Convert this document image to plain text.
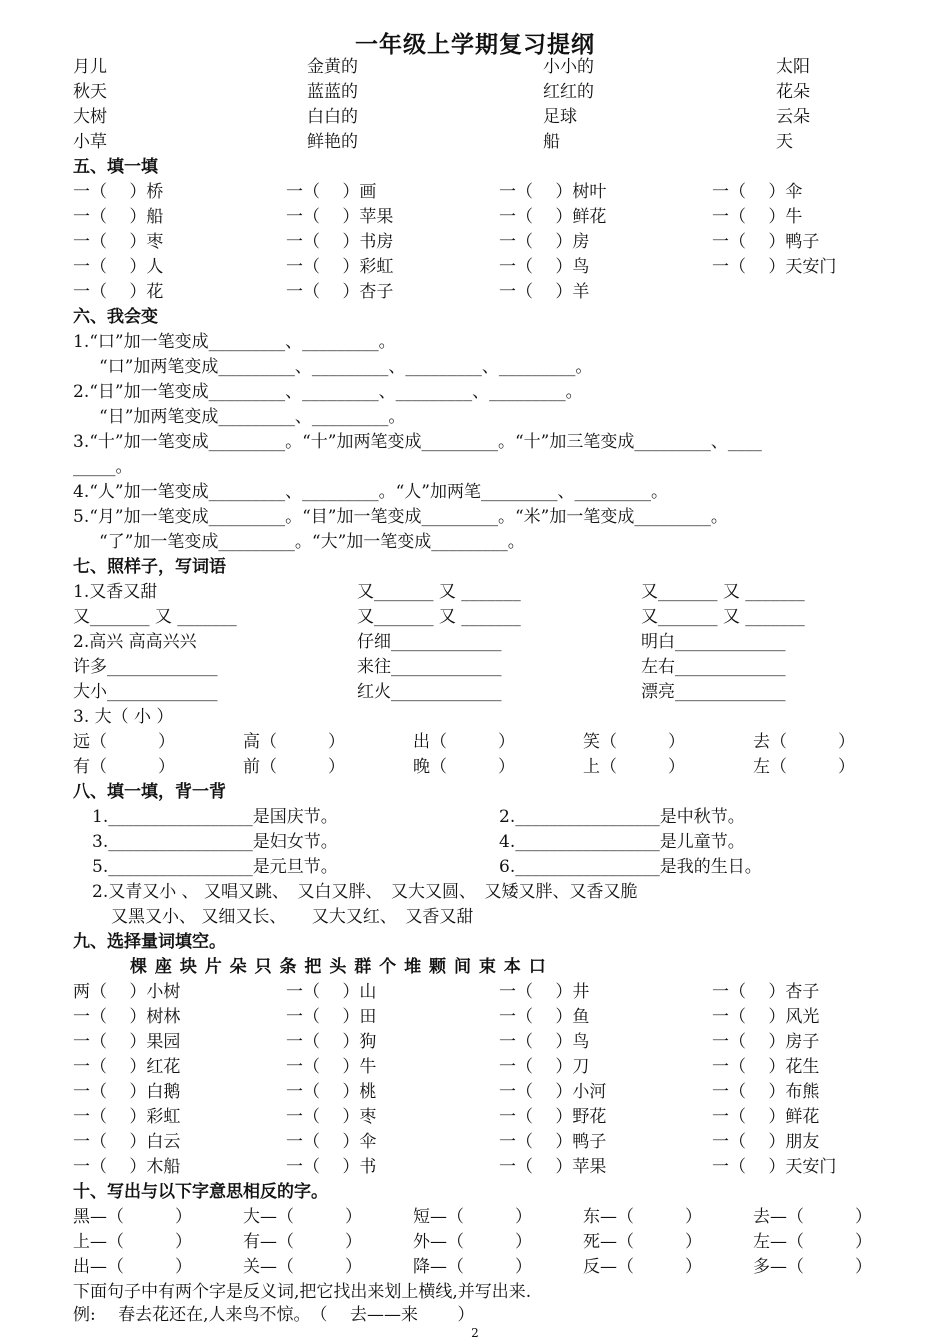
一年级上学期复习提纲
月儿	金黄的	小小的	太阳
秋天	蓝蓝的	红红的	花朵
大树	白白的	足球	云朵
小草	鲜艳的	船	天
五、填一填
一（　 ）桥	一（　 ）画	一（　 ）树叶	一（　 ）伞
一（　 ）船	一（　 ）苹果	一（　 ）鲜花	一（　 ）牛
一（　 ）枣	一（　 ）书房	一（　 ）房	一（　 ）鸭子
一（　 ）人	一（　 ）彩虹	一（　 ）鸟	一（　 ）天安门
一（　 ）花	一（　 ）杏子	一（　 ）羊
六、我会变
1.“口”加一笔变成_________、_________。
　“口”加两笔变成_________、_________、_________、_________。
2.“日”加一笔变成_________、_________、_________、_________。
　“日”加两笔变成_________、_________。
3.“十”加一笔变成_________。“十”加两笔变成_________。“十”加三笔变成_________、____
_____。
4.“人”加一笔变成_________、_________。“人”加两笔_________、_________。
5.“月”加一笔变成_________。“目”加一笔变成_________。“米”加一笔变成_________。
　“了”加一笔变成_________。“大”加一笔变成_________。
七、照样子，写词语
1.又香又甜	又_______ 又 _______	又_______ 又 _______
又_______ 又 _______	又_______ 又 _______	又_______ 又 _______
2.高兴 高高兴兴	仔细_____________	明白_____________
许多_____________	来往_____________	左右_____________
大小_____________	红火_____________	漂亮_____________
3. 大（ 小 ）
远（　　　）	高（　　　）	出（　　　）	笑（　　　）	去（　　　）
有（　　　）	前（　　　）	晚（　　　）	上（　　　）	左（　　　）
八、填一填，背一背
1._________________是国庆节。	2._________________是中秋节。
3._________________是妇女节。	4._________________是儿童节。
5._________________是元旦节。	6._________________是我的生日。
2.又青又小 、 又唱又跳、　又白又胖、　又大又圆、　又矮又胖、又香又脆
又黑又小、 又细又长、　　又大又红、　又香又甜
九、选择量词填空。
棵 座 块 片 朵 只 条 把 头 群 个 堆 颗 间 束 本 口
两（　 ）小树	一（　 ）山	一（　 ）井	一（　 ）杏子
一（　 ）树林	一（　 ）田	一（　 ）鱼	一（　 ）风光
一（　 ）果园	一（　 ）狗	一（　 ）鸟	一（　 ）房子
一（　 ）红花	一（　 ）牛	一（　 ）刀	一（　 ）花生
一（　 ）白鹅	一（　 ）桃	一（　 ）小河	一（　 ）布熊
一（　 ）彩虹	一（　 ）枣	一（　 ）野花	一（　 ）鲜花
一（　 ）白云	一（　 ）伞	一（　 ）鸭子	一（　 ）朋友
一（　 ）木船	一（　 ）书	一（　 ）苹果	一（　 ）天安门
十、写出与以下字意思相反的字。
黑—（　　　）	大—（　　　）	短—（　　　）	东—（　　　）	去—（　　　）
上—（　　　）	有—（　　　）	外—（　　　）	死—（　　　）	左—（　　　）
出—（　　　）	关—（　　　）	降—（　　　）	反—（　　　）	多—（　　　）
下面句子中有两个字是反义词,把它找出来划上横线,并写出来.
例:　 春去花还在,人来鸟不惊。　（　 去——来　　 ）
2
